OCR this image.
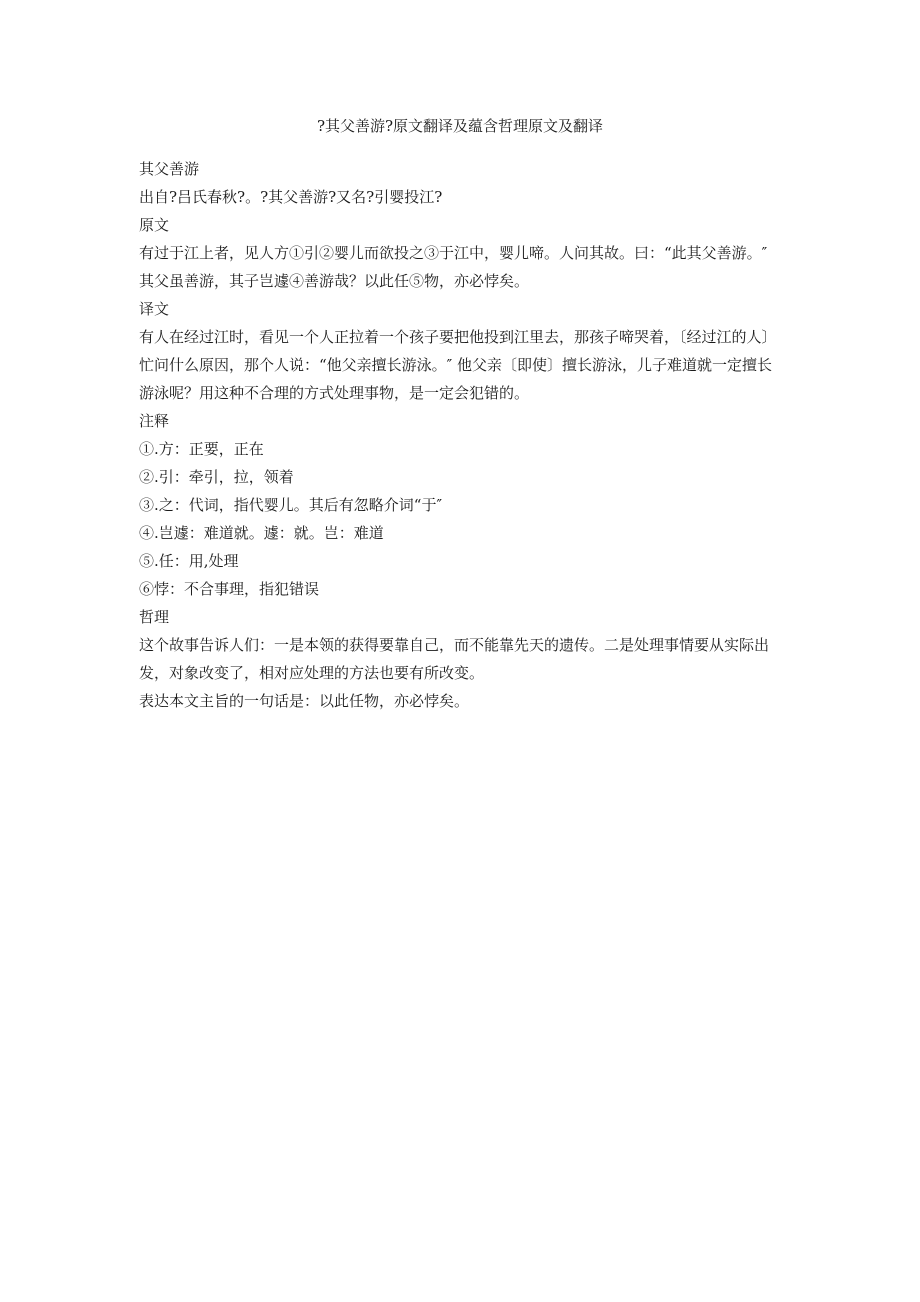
?其父善游?原文翻译及蕴含哲理原文及翻译

其父善游

出自?吕氏春秋?。?其父善游?又名?引婴投江?

原文

有过于江上者，见人方①引②婴儿而欲投之③于江中，婴儿啼。人问其故。曰：“此其父善游。″ 其父虽善游，其子岂遽④善游哉？以此任⑤物，亦必悖矣。

译文

有人在经过江时，看见一个人正拉着一个孩子要把他投到江里去，那孩子啼哭着，〔经过江的人〕忙问什么原因，那个人说：“他父亲擅长游泳。″ 他父亲〔即使〕擅长游泳，儿子难道就一定擅长游泳呢？用这种不合理的方式处理事物，是一定会犯错的。

注释

①.方：正要，正在

②.引：牵引，拉，领着

③.之：代词，指代婴儿。其后有忽略介词“于″

④.岂遽：难道就。遽：就。岂：难道

⑤.任：用,处理

⑥悖：不合事理，指犯错误

哲理

这个故事告诉人们：一是本领的获得要靠自己，而不能靠先天的遗传。二是处理事情要从实际出发，对象改变了，相对应处理的方法也要有所改变。

表达本文主旨的一句话是：以此任物，亦必悖矣。
